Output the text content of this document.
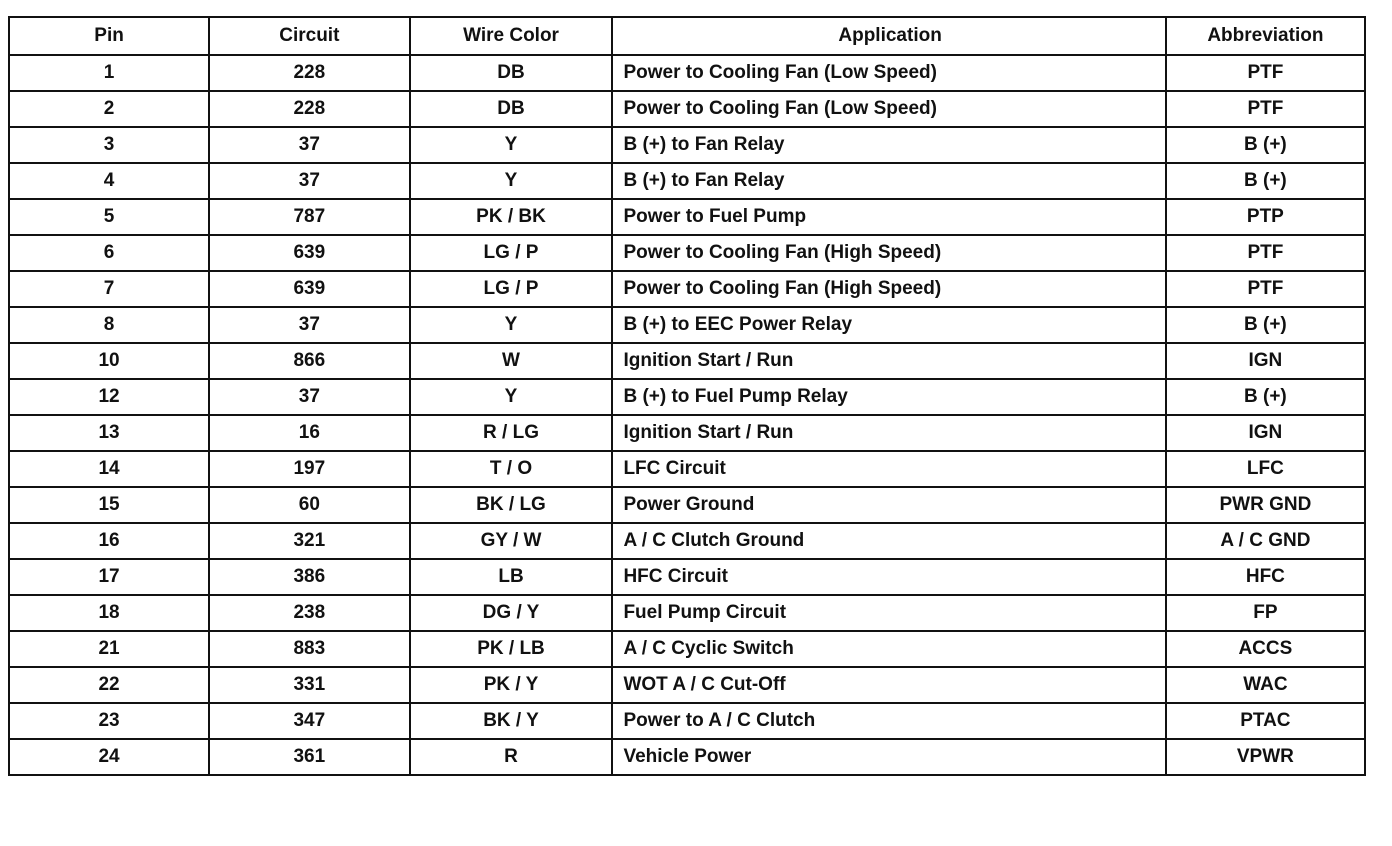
Pin	Circuit	Wire Color	Application	Abbreviation
1	228	DB	Power to Cooling Fan (Low Speed)	PTF
2	228	DB	Power to Cooling Fan (Low Speed)	PTF
3	37	Y	B (+) to Fan Relay	B (+)
4	37	Y	B (+) to Fan Relay	B (+)
5	787	PK / BK	Power to Fuel Pump	PTP
6	639	LG / P	Power to Cooling Fan (High Speed)	PTF
7	639	LG / P	Power to Cooling Fan (High Speed)	PTF
8	37	Y	B (+) to EEC Power Relay	B (+)
10	866	W	Ignition Start / Run	IGN
12	37	Y	B (+) to Fuel Pump Relay	B (+)
13	16	R / LG	Ignition Start / Run	IGN
14	197	T / O	LFC Circuit	LFC
15	60	BK / LG	Power Ground	PWR GND
16	321	GY / W	A / C Clutch Ground	A / C GND
17	386	LB	HFC Circuit	HFC
18	238	DG / Y	Fuel Pump Circuit	FP
21	883	PK / LB	A / C Cyclic Switch	ACCS
22	331	PK / Y	WOT A / C Cut-Off	WAC
23	347	BK / Y	Power to A / C Clutch	PTAC
24	361	R	Vehicle Power	VPWR
